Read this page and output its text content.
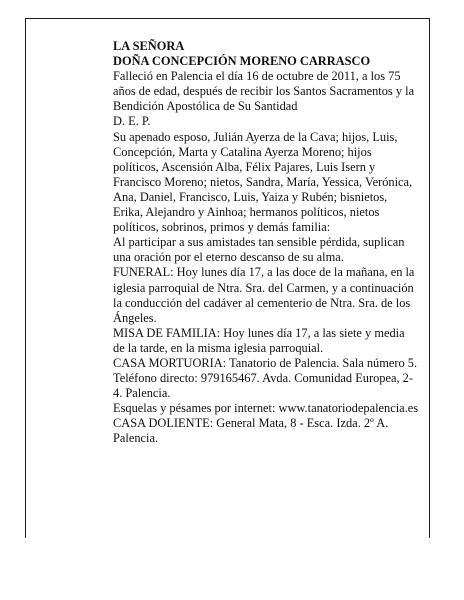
LA SEÑORA

DOÑA CONCEPCIÓN MORENO CARRASCO

Falleció en Palencia el día 16 de octubre de 2011, a los 75 años de edad, después de recibir los Santos Sacramentos y la Bendición Apostólica de Su Santidad

D. E. P.

Su apenado esposo, Julián Ayerza de la Cava; hijos, Luis, Concepción, Marta y Catalina Ayerza Moreno; hijos políticos, Ascensión Alba, Félix Pajares, Luis Isern y Francisco Moreno; nietos, Sandra, María, Yessica, Verónica, Ana, Daniel, Francisco, Luis, Yaiza y Rubén; bisnietos, Erika, Alejandro y Ainhoa; hermanos políticos, nietos políticos, sobrinos, primos y demás familia:

Al participar a sus amistades tan sensible pérdida, suplican una oración por el eterno descanso de su alma.

FUNERAL: Hoy lunes día 17, a las doce de la mañana, en la iglesia parroquial de Ntra. Sra. del Carmen, y a continuación la conducción del cadáver al cementerio de Ntra. Sra. de los Ángeles.

MISA DE FAMILIA: Hoy lunes día 17, a las siete y media de la tarde, en la misma iglesia parroquial.

CASA MORTUORIA: Tanatorio de Palencia. Sala número 5. Teléfono directo: 979165467. Avda. Comunidad Europea, 2-4. Palencia.

Esquelas y pésames por internet: www.tanatoriodepalencia.es

CASA DOLIENTE: General Mata, 8 - Esca. Izda. 2º A. Palencia.
